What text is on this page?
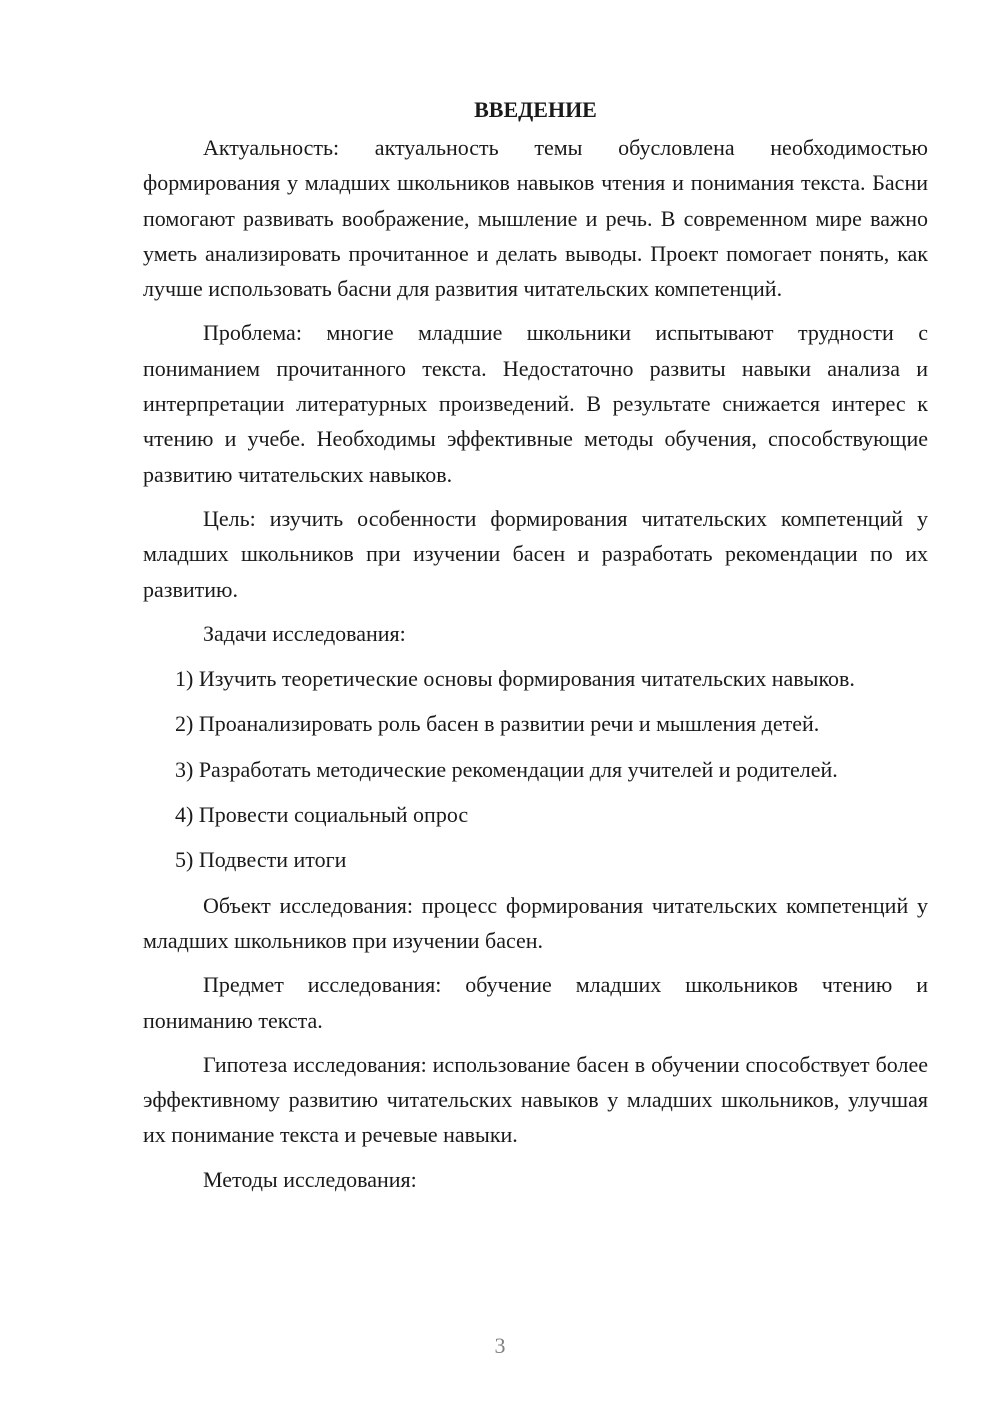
ВВЕДЕНИЕ

Актуальность: актуальность темы обусловлена необходимостью формирования у младших школьников навыков чтения и понимания текста. Басни помогают развивать воображение, мышление и речь. В современном мире важно уметь анализировать прочитанное и делать выводы. Проект помогает понять, как лучше использовать басни для развития читательских компетенций.

Проблема: многие младшие школьники испытывают трудности с пониманием прочитанного текста. Недостаточно развиты навыки анализа и интерпретации литературных произведений. В результате снижается интерес к чтению и учебе. Необходимы эффективные методы обучения, способствующие развитию читательских навыков.

Цель: изучить особенности формирования читательских компетенций у младших школьников при изучении басен и разработать рекомендации по их развитию.

Задачи исследования:

1) Изучить теоретические основы формирования читательских навыков.

2) Проанализировать роль басен в развитии речи и мышления детей.

3) Разработать методические рекомендации для учителей и родителей.

4) Провести социальный опрос

5) Подвести итоги

Объект исследования: процесс формирования читательских компетенций у младших школьников при изучении басен.

Предмет исследования: обучение младших школьников чтению и пониманию текста.

Гипотеза исследования: использование басен в обучении способствует более эффективному развитию читательских навыков у младших школьников, улучшая их понимание текста и речевые навыки.

Методы исследования:

3
